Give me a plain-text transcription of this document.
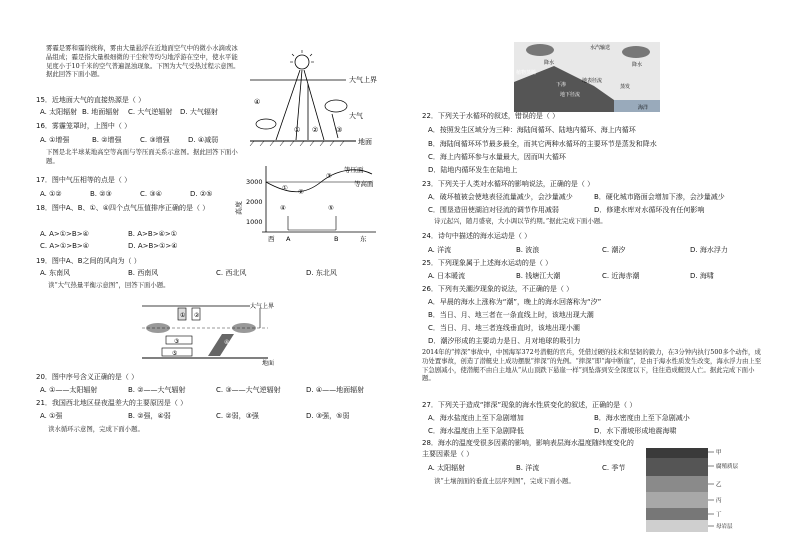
雾霾是雾和霾的统称，雾由大量悬浮在近地面空气中的微小水滴或冰晶组成；霾是指大量极细微的干尘粒等均匀地浮游在空中，使水平能见度小于10千米的空气普遍混浊现象。下图为大气受热过程示意图。据此回答下面小题。
15．近地面大气的直接热源是（ ）
A. 太阳辐射 B. 地面辐射 C. 大气逆辐射 D. 大气辐射
16．雾霾笼罩时，上图中（ ）
A. ①增强	B. ②增强	C. ③增强	D. ④减弱
下图是北半球某地高空等高面与等压面关系示意图。据此回答下面小题。
17．图中气压相等的点是（ ）
A. ①②	B. ②③	C. ③④	D. ②⑤
18．图中A、B、①、④四个点气压值排序正确的是（ ）
A. A>①>B>④	B. A>B>④>①
C. A>①>B>④	D. A>B>①>④
19．图中A、B之间的风向为（ ）
A. 东南风	B. 西南风	C. 西北风	D. 东北风
读“大气热量平衡示意图”，回答下面小题。
20．图中序号含义正确的是（ ）
A. ①——太阳辐射	B. ②——大气辐射	C. ③——大气逆辐射	D. ④——地面辐射
21．我国西北地区昼夜温差大的主要原因是（ ）
A. ①强	B. ②强，④弱	C. ②弱，③强	D. ③强，⑤弱
读水循环示意图，完成下面小题。
大气上界
大气
④
① ②	③
地面
高度
3000
2000
1000
等压面
等高面
① ②
③
④	⑤
西 A	B	东
大气上界
① ②
③
⑤
④
地面
水汽输送
降水	降水
蒸发
植物蒸腾
地表径流
地下径流
下渗
海洋
22．下列关于水循环的叙述，错误的是（ ）
A．按照发生区域分为三种：海陆间循环、陆地内循环、海上内循环
B．海陆间循环环节最多最全，而其它两种水循环的主要环节是蒸发和降水
C．海上内循环参与水量最大，因而叫大循环
D．陆地内循环发生在陆地上
23．下列关于人类对水循环的影响说法，正确的是（ ）
A．破坏植被会使地表径流量减少，会沙量减少	B．硬化城市路面会增加下渗，会沙量减少
C．围垦造田使湖泊对径流的调节作用减弱	D．修建水库对水循环没有任何影响
诗元起兴，随月盛衰，大小调以节约期。”据此完成下面小题。
24．诗句中描述的海水运动是（ ）
A. 洋流	B. 波浪	C. 潮汐	D. 海水浮力
25．下列现象属于上述海水运动的是（ ）
A. 日本暖流	B. 钱塘江大潮	C. 近海赤潮	D. 海啸
26．下列有关潮汐现象的说法，不正确的是（ ）
A．早晨的海水上涨称为“潮”，晚上的海水回落称为“汐”
B．当日、月、地三者在一条直线上时，该地出现大潮
C．当日、月、地三者连线垂直时，该地出现小潮
D．潮汐形成的主要动力是日、月对地球的吸引力
2014年的“摔深”事故中，中国海军372号潜艇的官兵，凭借过硬的技术和坚韧的毅力，在3分钟内执行500多个动作，成功处置事故，创造了潜艇史上成功摆脱“摔深”的先例。“摔深”即“海中断崖”，是由于海水性质发生改变，海水浮力由上至下急剧减小，使潜艇不由自主地从“从山顶跌下悬崖一样”到坠落到安全深度以下，往往造成艇毁人亡。据此完成下面小题。
27．下列关于造成“摔深”现象的海水性质变化的叙述，正确的是（ ）
A．海水盐度由上至下急剧增加	B．海水密度由上至下急剧减小
C．海水温度由上至下急剧降低	D．水下滑坡形成地震海啸
28．海水的温度受很多因素的影响，影响表层海水温度随纬度变化的主要因素是（ ）
A. 太阳辐射	B. 洋流	C. 季节
读“土壤剖面的垂直土层序列图”，完成下面小题。
甲
腐殖质层
乙
丙
丁
母岩层
